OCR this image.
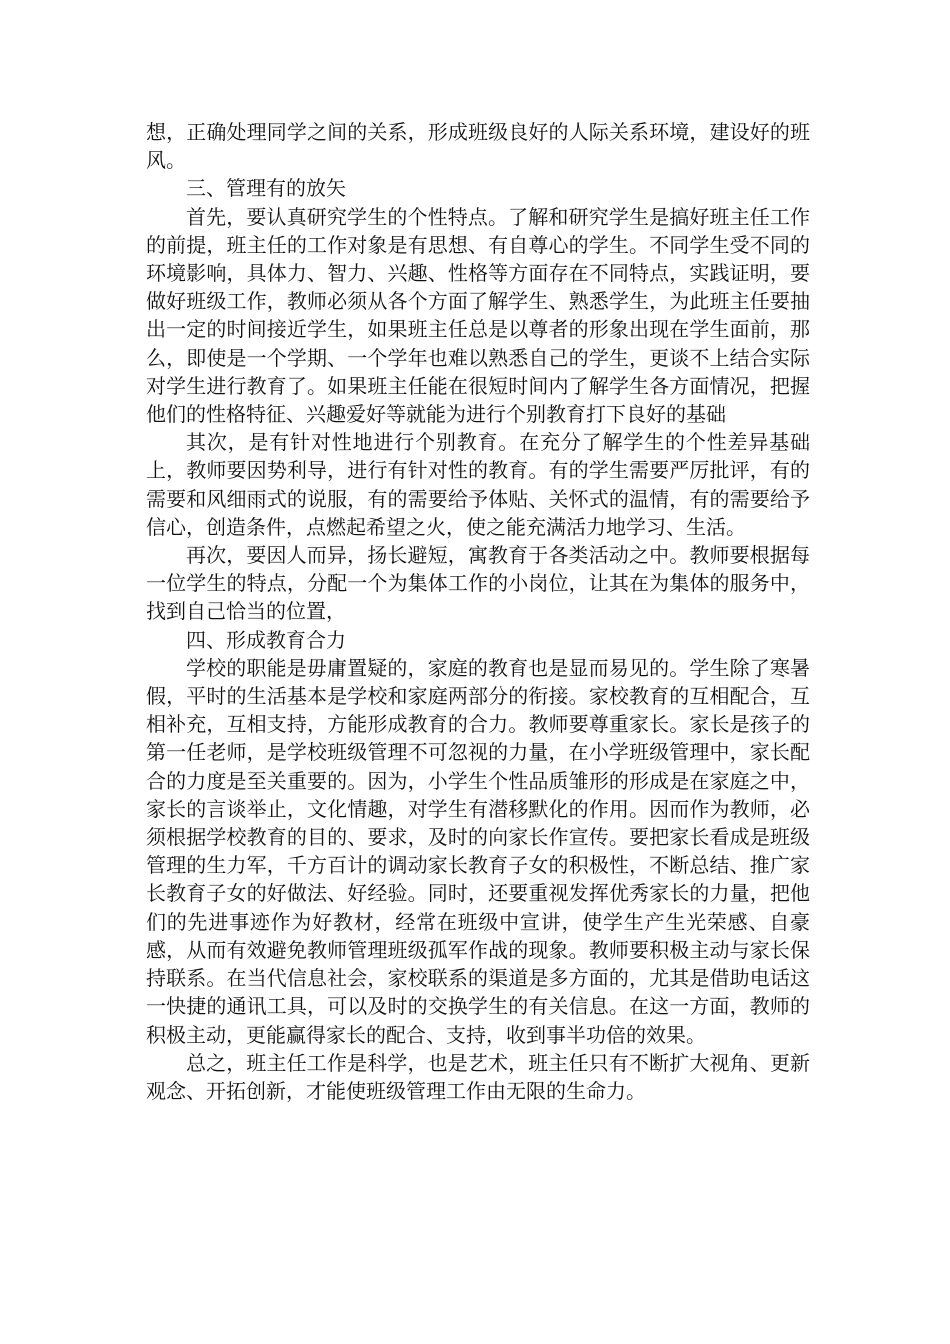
想，正确处理同学之间的关系，形成班级良好的人际关系环境，建设好的班风。

三、管理有的放矢

首先，要认真研究学生的个性特点。了解和研究学生是搞好班主任工作的前提，班主任的工作对象是有思想、有自尊心的学生。不同学生受不同的环境影响，具体力、智力、兴趣、性格等方面存在不同特点，实践证明，要做好班级工作，教师必须从各个方面了解学生、熟悉学生，为此班主任要抽出一定的时间接近学生，如果班主任总是以尊者的形象出现在学生面前，那么，即使是一个学期、一个学年也难以熟悉自己的学生，更谈不上结合实际对学生进行教育了。如果班主任能在很短时间内了解学生各方面情况，把握他们的性格特征、兴趣爱好等就能为进行个别教育打下良好的基础

其次，是有针对性地进行个别教育。在充分了解学生的个性差异基础上，教师要因势利导，进行有针对性的教育。有的学生需要严厉批评，有的需要和风细雨式的说服，有的需要给予体贴、关怀式的温情，有的需要给予信心，创造条件，点燃起希望之火，使之能充满活力地学习、生活。

再次，要因人而异，扬长避短，寓教育于各类活动之中。教师要根据每一位学生的特点，分配一个为集体工作的小岗位，让其在为集体的服务中，找到自己恰当的位置，

四、形成教育合力

学校的职能是毋庸置疑的，家庭的教育也是显而易见的。学生除了寒暑假，平时的生活基本是学校和家庭两部分的衔接。家校教育的互相配合，互相补充，互相支持，方能形成教育的合力。教师要尊重家长。家长是孩子的第一任老师，是学校班级管理不可忽视的力量，在小学班级管理中，家长配合的力度是至关重要的。因为，小学生个性品质雏形的形成是在家庭之中，家长的言谈举止，文化情趣，对学生有潜移默化的作用。因而作为教师，必须根据学校教育的目的、要求，及时的向家长作宣传。要把家长看成是班级管理的生力军，千方百计的调动家长教育子女的积极性，不断总结、推广家长教育子女的好做法、好经验。同时，还要重视发挥优秀家长的力量，把他们的先进事迹作为好教材，经常在班级中宣讲，使学生产生光荣感、自豪感，从而有效避免教师管理班级孤军作战的现象。教师要积极主动与家长保持联系。在当代信息社会，家校联系的渠道是多方面的，尤其是借助电话这一快捷的通讯工具，可以及时的交换学生的有关信息。在这一方面，教师的积极主动，更能赢得家长的配合、支持，收到事半功倍的效果。

总之，班主任工作是科学，也是艺术，班主任只有不断扩大视角、更新观念、开拓创新，才能使班级管理工作由无限的生命力。
